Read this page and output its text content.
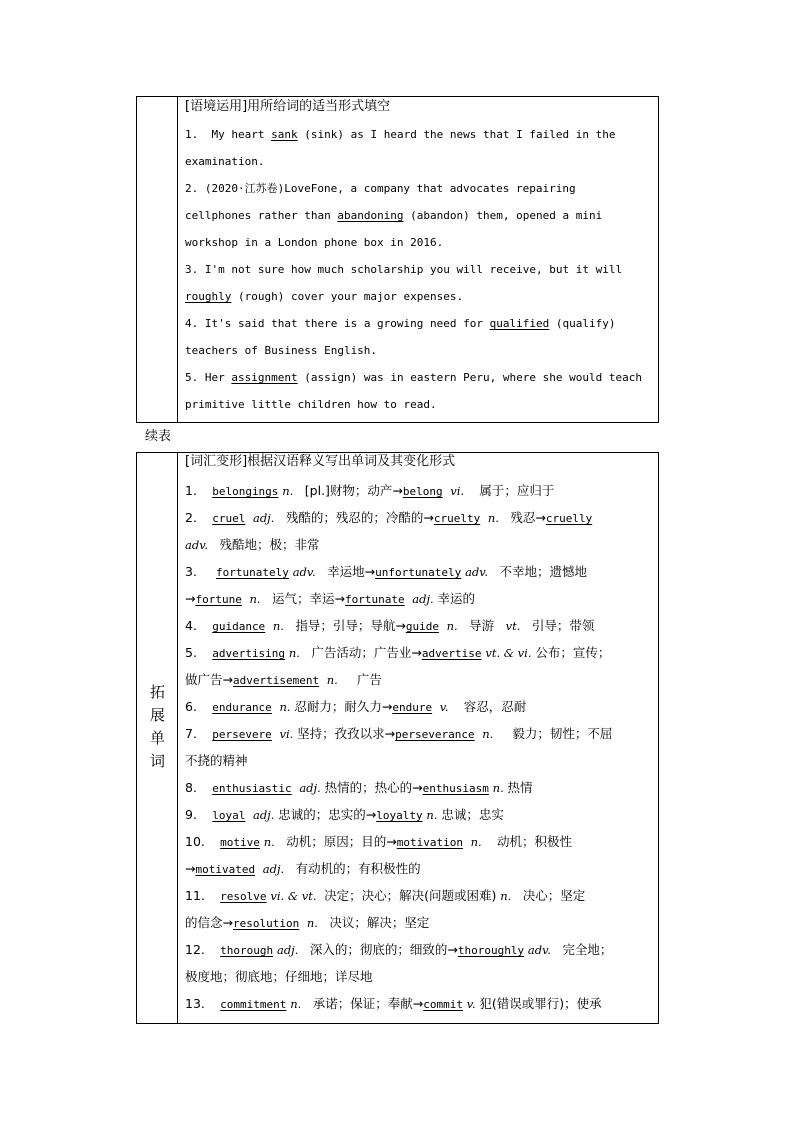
[语境运用]用所给词的适当形式填空
1.  My heart sank (sink) as I heard the news that I failed in the
examination.
2. (2020·江苏卷)LoveFone, a company that advocates repairing
cellphones rather than abandoning (abandon) them, opened a mini
workshop in a London phone box in 2016.
3. I'm not sure how much scholarship you will receive, but it will
roughly (rough) cover your major expenses.
4. It's said that there is a growing need for qualified (qualify)
teachers of Business English.
5. Her assignment (assign) was in eastern Peru, where she would teach
primitive little children how to read.
续表
拓
展
单
词
[词汇变形]根据汉语释义写出单词及其变化形式
1. belongings n. [pl.]财物；动产→belong vi. 属于；应归于
2. cruel adj. 残酷的；残忍的；冷酷的→cruelty n. 残忍→cruelly
adv. 残酷地；极；非常
3. fortunately adv. 幸运地→unfortunately adv. 不幸地；遗憾地
→fortune n. 运气；幸运→fortunate adj. 幸运的
4. guidance n. 指导；引导；导航→guide n. 导游 vt. 引导；带领
5. advertising n. 广告活动；广告业→advertise vt. & vi. 公布；宣传；
做广告→advertisement n. 广告
6. endurance n. 忍耐力；耐久力→endure v. 容忍，忍耐
7. persevere vi. 坚持；孜孜以求→perseverance n. 毅力；韧性；不屈
不挠的精神
8. enthusiastic adj. 热情的；热心的→enthusiasm n. 热情
9. loyal adj. 忠诚的；忠实的→loyalty n. 忠诚；忠实
10. motive n. 动机；原因；目的→motivation n. 动机；积极性
→motivated adj. 有动机的；有积极性的
11. resolve vi. & vt. 决定；决心；解决(问题或困难) n. 决心；坚定
的信念→resolution n. 决议；解决；坚定
12. thorough adj. 深入的；彻底的；细致的→thoroughly adv. 完全地；
极度地；彻底地；仔细地；详尽地
13. commitment n. 承诺；保证；奉献→commit v. 犯(错误或罪行)；使承
